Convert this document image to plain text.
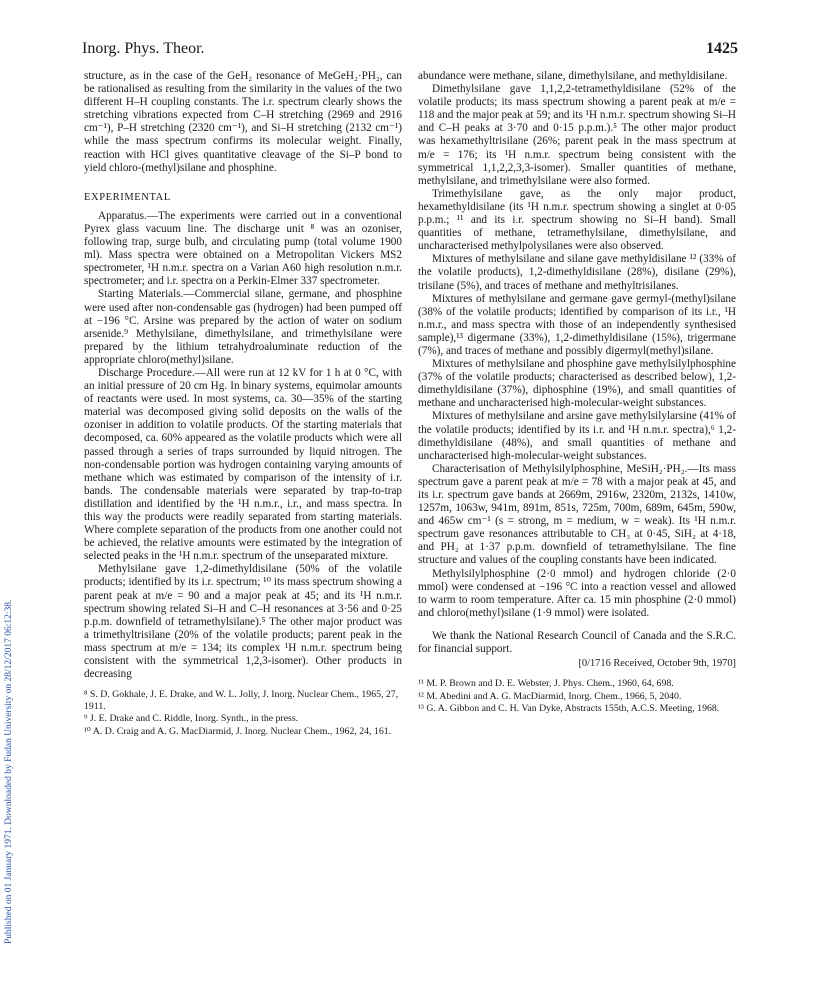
Inorg. Phys. Theor.	1425
Published on 01 January 1971. Downloaded by Fudan University on 28/12/2017 06:12:38.

structure, as in the case of the GeH₂ resonance of MeGeH₂·PH₂, can be rationalised as resulting from the similarity in the values of the two different H–H coupling constants. The i.r. spectrum clearly shows the stretching vibrations expected from C–H stretching (2969 and 2916 cm⁻¹), P–H stretching (2320 cm⁻¹), and Si–H stretching (2132 cm⁻¹) while the mass spectrum confirms its molecular weight. Finally, reaction with HCl gives quantitative cleavage of the Si–P bond to yield chloro-(methyl)silane and phosphine.

EXPERIMENTAL

Apparatus.—The experiments were carried out in a conventional Pyrex glass vacuum line. The discharge unit ⁸ was an ozoniser, following trap, surge bulb, and circulating pump (total volume 1900 ml). Mass spectra were obtained on a Metropolitan Vickers MS2 spectrometer, ¹H n.m.r. spectra on a Varian A60 high resolution n.m.r. spectrometer; and i.r. spectra on a Perkin-Elmer 337 spectrometer.

Starting Materials.—Commercial silane, germane, and phosphine were used after non-condensable gas (hydrogen) had been pumped off at −196 °C. Arsine was prepared by the action of water on sodium arsenide.⁹ Methylsilane, dimethylsilane, and trimethylsilane were prepared by the lithium tetrahydroaluminate reduction of the appropriate chloro(methyl)silane.

Discharge Procedure.—All were run at 12 kV for 1 h at 0 °C, with an initial pressure of 20 cm Hg. In binary systems, equimolar amounts of reactants were used. In most systems, ca. 30—35% of the starting material was decomposed giving solid deposits on the walls of the ozoniser in addition to volatile products. Of the starting materials that decomposed, ca. 60% appeared as the volatile products which were all passed through a series of traps surrounded by liquid nitrogen. The non-condensable portion was hydrogen containing varying amounts of methane which was estimated by comparison of the intensity of i.r. bands. The condensable materials were separated by trap-to-trap distillation and identified by the ¹H n.m.r., i.r., and mass spectra. In this way the products were readily separated from starting materials. Where complete separation of the products from one another could not be achieved, the relative amounts were estimated by the integration of selected peaks in the ¹H n.m.r. spectrum of the unseparated mixture.

Methylsilane gave 1,2-dimethyldisilane (50% of the volatile products; identified by its i.r. spectrum; ¹⁰ its mass spectrum showing a parent peak at m/e = 90 and a major peak at 45; and its ¹H n.m.r. spectrum showing related Si–H and C–H resonances at 3·56 and 0·25 p.p.m. downfield of tetramethylsilane).⁵ The other major product was a trimethyltrisilane (20% of the volatile products; parent peak in the mass spectrum at m/e = 134; its complex ¹H n.m.r. spectrum being consistent with the symmetrical 1,2,3-isomer). Other products in decreasing

⁸ S. D. Gokhale, J. E. Drake, and W. L. Jolly, J. Inorg. Nuclear Chem., 1965, 27, 1911.

⁹ J. E. Drake and C. Riddle, Inorg. Synth., in the press.

¹⁰ A. D. Craig and A. G. MacDiarmid, J. Inorg. Nuclear Chem., 1962, 24, 161.

abundance were methane, silane, dimethylsilane, and methyldisilane.

Dimethylsilane gave 1,1,2,2-tetramethyldisilane (52% of the volatile products; its mass spectrum showing a parent peak at m/e = 118 and the major peak at 59; and its ¹H n.m.r. spectrum showing Si–H and C–H peaks at 3·70 and 0·15 p.p.m.).⁵ The other major product was hexamethyltrisilane (26%; parent peak in the mass spectrum at m/e = 176; its ¹H n.m.r. spectrum being consistent with the symmetrical 1,1,2,2,3,3-isomer). Smaller quantities of methane, methylsilane, and trimethylsilane were also formed.

Trimethylsilane gave, as the only major product, hexamethyldisilane (its ¹H n.m.r. spectrum showing a singlet at 0·05 p.p.m.; ¹¹ and its i.r. spectrum showing no Si–H band). Small quantities of methane, tetramethylsilane, dimethylsilane, and uncharacterised methylpolysilanes were also observed.

Mixtures of methylsilane and silane gave methyldisilane ¹² (33% of the volatile products), 1,2-dimethyldisilane (28%), disilane (29%), trisilane (5%), and traces of methane and methyltrisilanes.

Mixtures of methylsilane and germane gave germyl-(methyl)silane (38% of the volatile products; identified by comparison of its i.r., ¹H n.m.r., and mass spectra with those of an independently synthesised sample),¹³ digermane (33%), 1,2-dimethyldisilane (15%), trigermane (7%), and traces of methane and possibly digermyl(methyl)silane.

Mixtures of methylsilane and phosphine gave methylsilylphosphine (37% of the volatile products; characterised as described below), 1,2-dimethyldisilane (37%), diphosphine (19%), and small quantities of methane and uncharacterised high-molecular-weight substances.

Mixtures of methylsilane and arsine gave methylsilylarsine (41% of the volatile products; identified by its i.r. and ¹H n.m.r. spectra),⁶ 1,2-dimethyldisilane (48%), and small quantities of methane and uncharacterised high-molecular-weight substances.

Characterisation of Methylsilylphosphine, MeSiH₂·PH₂.—Its mass spectrum gave a parent peak at m/e = 78 with a major peak at 45, and its i.r. spectrum gave bands at 2669m, 2916w, 2320m, 2132s, 1410w, 1257m, 1063w, 941m, 891m, 851s, 725m, 700m, 689m, 645m, 590w, and 465w cm⁻¹ (s = strong, m = medium, w = weak). Its ¹H n.m.r. spectrum gave resonances attributable to CH₃ at 0·45, SiH₂ at 4·18, and PH₂ at 1·37 p.p.m. downfield of tetramethylsilane. The fine structure and values of the coupling constants have been indicated.

Methylsilylphosphine (2·0 mmol) and hydrogen chloride (2·0 mmol) were condensed at −196 °C into a reaction vessel and allowed to warm to room temperature. After ca. 15 min phosphine (2·0 mmol) and chloro(methyl)silane (1·9 mmol) were isolated.

We thank the National Research Council of Canada and the S.R.C. for financial support.

[0/1716 Received, October 9th, 1970]

¹¹ M. P. Brown and D. E. Webster, J. Phys. Chem., 1960, 64, 698.

¹² M. Abedini and A. G. MacDiarmid, Inorg. Chem., 1966, 5, 2040.

¹³ G. A. Gibbon and C. H. Van Dyke, Abstracts 155th, A.C.S. Meeting, 1968.
